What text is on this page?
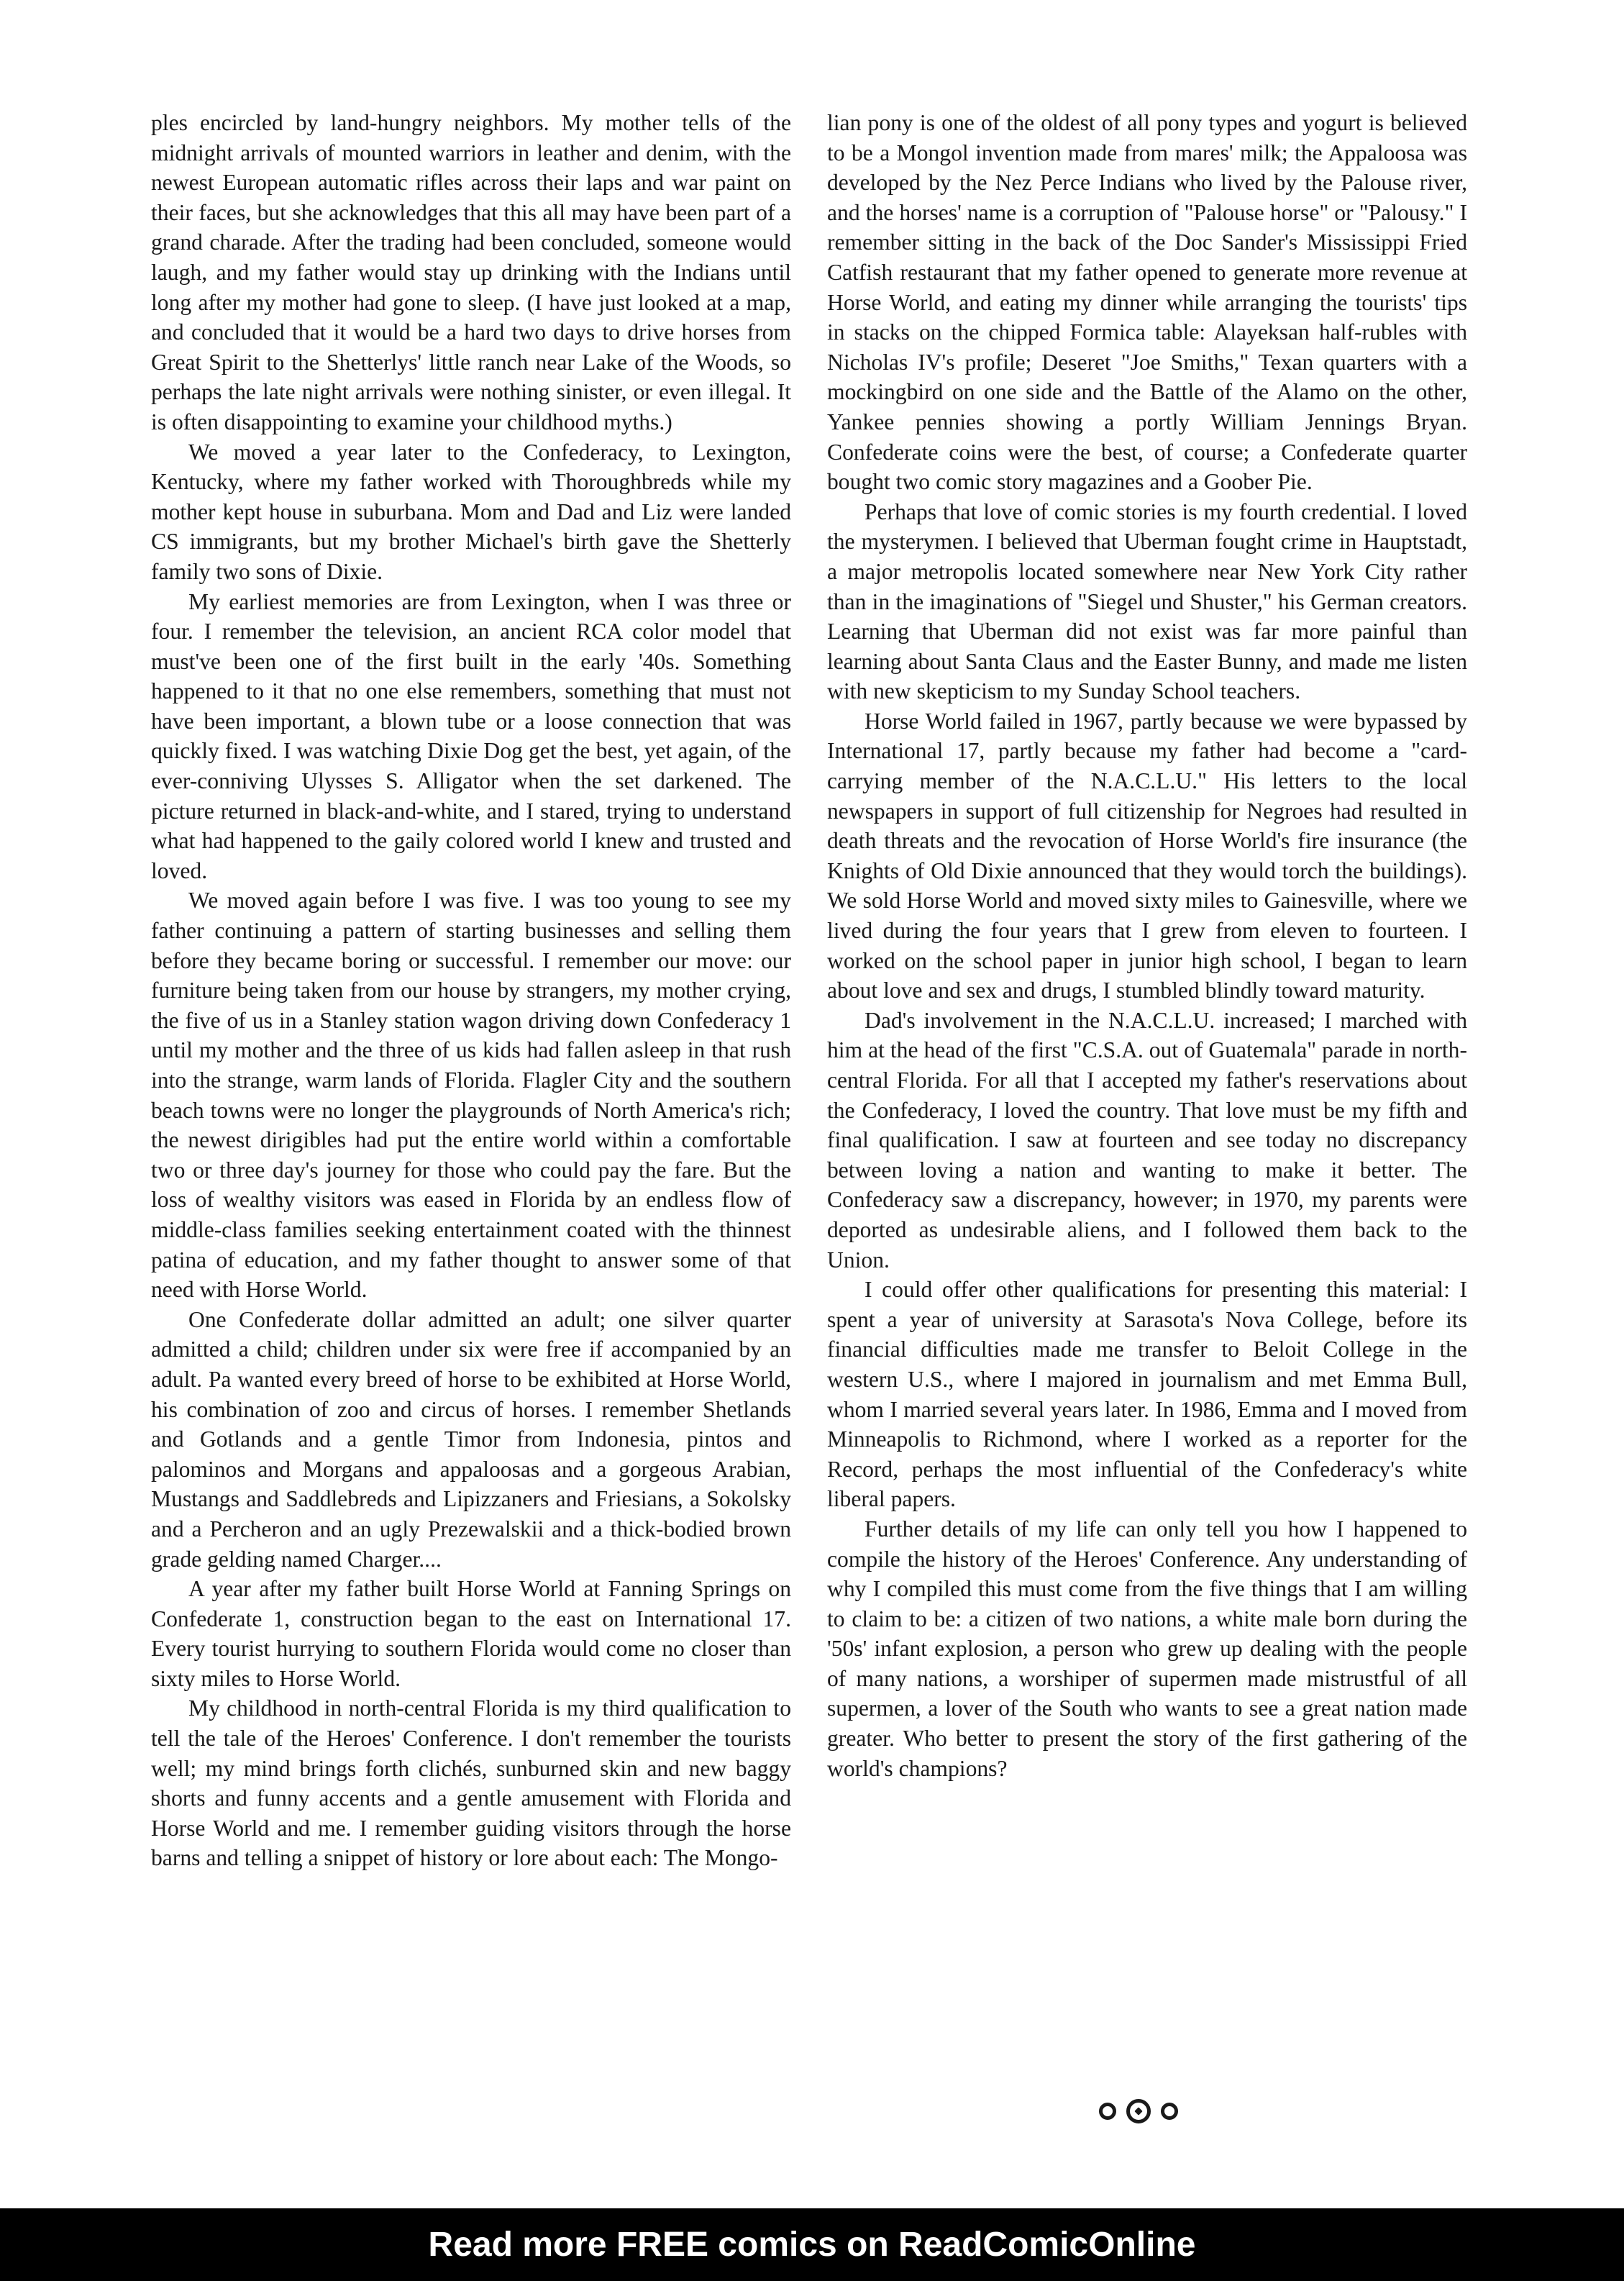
ples encircled by land-hungry neighbors. My mother tells of the midnight arrivals of mounted warriors in leather and denim, with the newest European automatic rifles across their laps and war paint on their faces, but she acknowledges that this all may have been part of a grand charade. After the trading had been concluded, someone would laugh, and my father would stay up drinking with the Indians until long after my mother had gone to sleep. (I have just looked at a map, and concluded that it would be a hard two days to drive horses from Great Spirit to the Shetterlys' little ranch near Lake of the Woods, so perhaps the late night arrivals were nothing sinister, or even illegal. It is often disappointing to examine your childhood myths.)

We moved a year later to the Confederacy, to Lexington, Kentucky, where my father worked with Thoroughbreds while my mother kept house in suburbana. Mom and Dad and Liz were landed CS immigrants, but my brother Michael's birth gave the Shetterly family two sons of Dixie.

My earliest memories are from Lexington, when I was three or four. I remember the television, an ancient RCA color model that must've been one of the first built in the early '40s. Something happened to it that no one else remembers, something that must not have been important, a blown tube or a loose connection that was quickly fixed. I was watching Dixie Dog get the best, yet again, of the ever-conniving Ulysses S. Alligator when the set darkened. The picture returned in black-and-white, and I stared, trying to understand what had happened to the gaily colored world I knew and trusted and loved.

We moved again before I was five. I was too young to see my father continuing a pattern of starting businesses and selling them before they became boring or successful. I remember our move: our furniture being taken from our house by strangers, my mother crying, the five of us in a Stanley station wagon driving down Confederacy 1 until my mother and the three of us kids had fallen asleep in that rush into the strange, warm lands of Florida. Flagler City and the southern beach towns were no longer the playgrounds of North America's rich; the newest dirigibles had put the entire world within a comfortable two or three day's journey for those who could pay the fare. But the loss of wealthy visitors was eased in Florida by an endless flow of middle-class families seeking entertainment coated with the thinnest patina of education, and my father thought to answer some of that need with Horse World.

One Confederate dollar admitted an adult; one silver quarter admitted a child; children under six were free if accompanied by an adult. Pa wanted every breed of horse to be exhibited at Horse World, his combination of zoo and circus of horses. I remember Shetlands and Gotlands and a gentle Timor from Indonesia, pintos and palominos and Morgans and appaloosas and a gorgeous Arabian, Mustangs and Saddlebreds and Lipizzaners and Friesians, a Sokolsky and a Percheron and an ugly Prezewalskii and a thick-bodied brown grade gelding named Charger....

A year after my father built Horse World at Fanning Springs on Confederate 1, construction began to the east on International 17. Every tourist hurrying to southern Florida would come no closer than sixty miles to Horse World.

My childhood in north-central Florida is my third qualification to tell the tale of the Heroes' Conference. I don't remember the tourists well; my mind brings forth clichés, sunburned skin and new baggy shorts and funny accents and a gentle amusement with Florida and Horse World and me. I remember guiding visitors through the horse barns and telling a snippet of history or lore about each: The Mongo-

lian pony is one of the oldest of all pony types and yogurt is believed to be a Mongol invention made from mares' milk; the Appaloosa was developed by the Nez Perce Indians who lived by the Palouse river, and the horses' name is a corruption of "Palouse horse" or "Palousy." I remember sitting in the back of the Doc Sander's Mississippi Fried Catfish restaurant that my father opened to generate more revenue at Horse World, and eating my dinner while arranging the tourists' tips in stacks on the chipped Formica table: Alayeksan half-rubles with Nicholas IV's profile; Deseret "Joe Smiths," Texan quarters with a mockingbird on one side and the Battle of the Alamo on the other, Yankee pennies showing a portly William Jennings Bryan. Confederate coins were the best, of course; a Confederate quarter bought two comic story magazines and a Goober Pie.

Perhaps that love of comic stories is my fourth credential. I loved the mysterymen. I believed that Uberman fought crime in Hauptstadt, a major metropolis located somewhere near New York City rather than in the imaginations of "Siegel und Shuster," his German creators. Learning that Uberman did not exist was far more painful than learning about Santa Claus and the Easter Bunny, and made me listen with new skepticism to my Sunday School teachers.

Horse World failed in 1967, partly because we were bypassed by International 17, partly because my father had become a "card-carrying member of the N.A.C.L.U." His letters to the local newspapers in support of full citizenship for Negroes had resulted in death threats and the revocation of Horse World's fire insurance (the Knights of Old Dixie announced that they would torch the buildings). We sold Horse World and moved sixty miles to Gainesville, where we lived during the four years that I grew from eleven to fourteen. I worked on the school paper in junior high school, I began to learn about love and sex and drugs, I stumbled blindly toward maturity.

Dad's involvement in the N.A.C.L.U. increased; I marched with him at the head of the first "C.S.A. out of Guatemala" parade in north-central Florida. For all that I accepted my father's reservations about the Confederacy, I loved the country. That love must be my fifth and final qualification. I saw at fourteen and see today no discrepancy between loving a nation and wanting to make it better. The Confederacy saw a discrepancy, however; in 1970, my parents were deported as undesirable aliens, and I followed them back to the Union.

I could offer other qualifications for presenting this material: I spent a year of university at Sarasota's Nova College, before its financial difficulties made me transfer to Beloit College in the western U.S., where I majored in journalism and met Emma Bull, whom I married several years later. In 1986, Emma and I moved from Minneapolis to Richmond, where I worked as a reporter for the Record, perhaps the most influential of the Confederacy's white liberal papers.

Further details of my life can only tell you how I happened to compile the history of the Heroes' Conference. Any understanding of why I compiled this must come from the five things that I am willing to claim to be: a citizen of two nations, a white male born during the '50s' infant explosion, a person who grew up dealing with the people of many nations, a worshiper of supermen made mistrustful of all supermen, a lover of the South who wants to see a great nation made greater. Who better to present the story of the first gathering of the world's champions?

Read more FREE comics on ReadComicOnline
